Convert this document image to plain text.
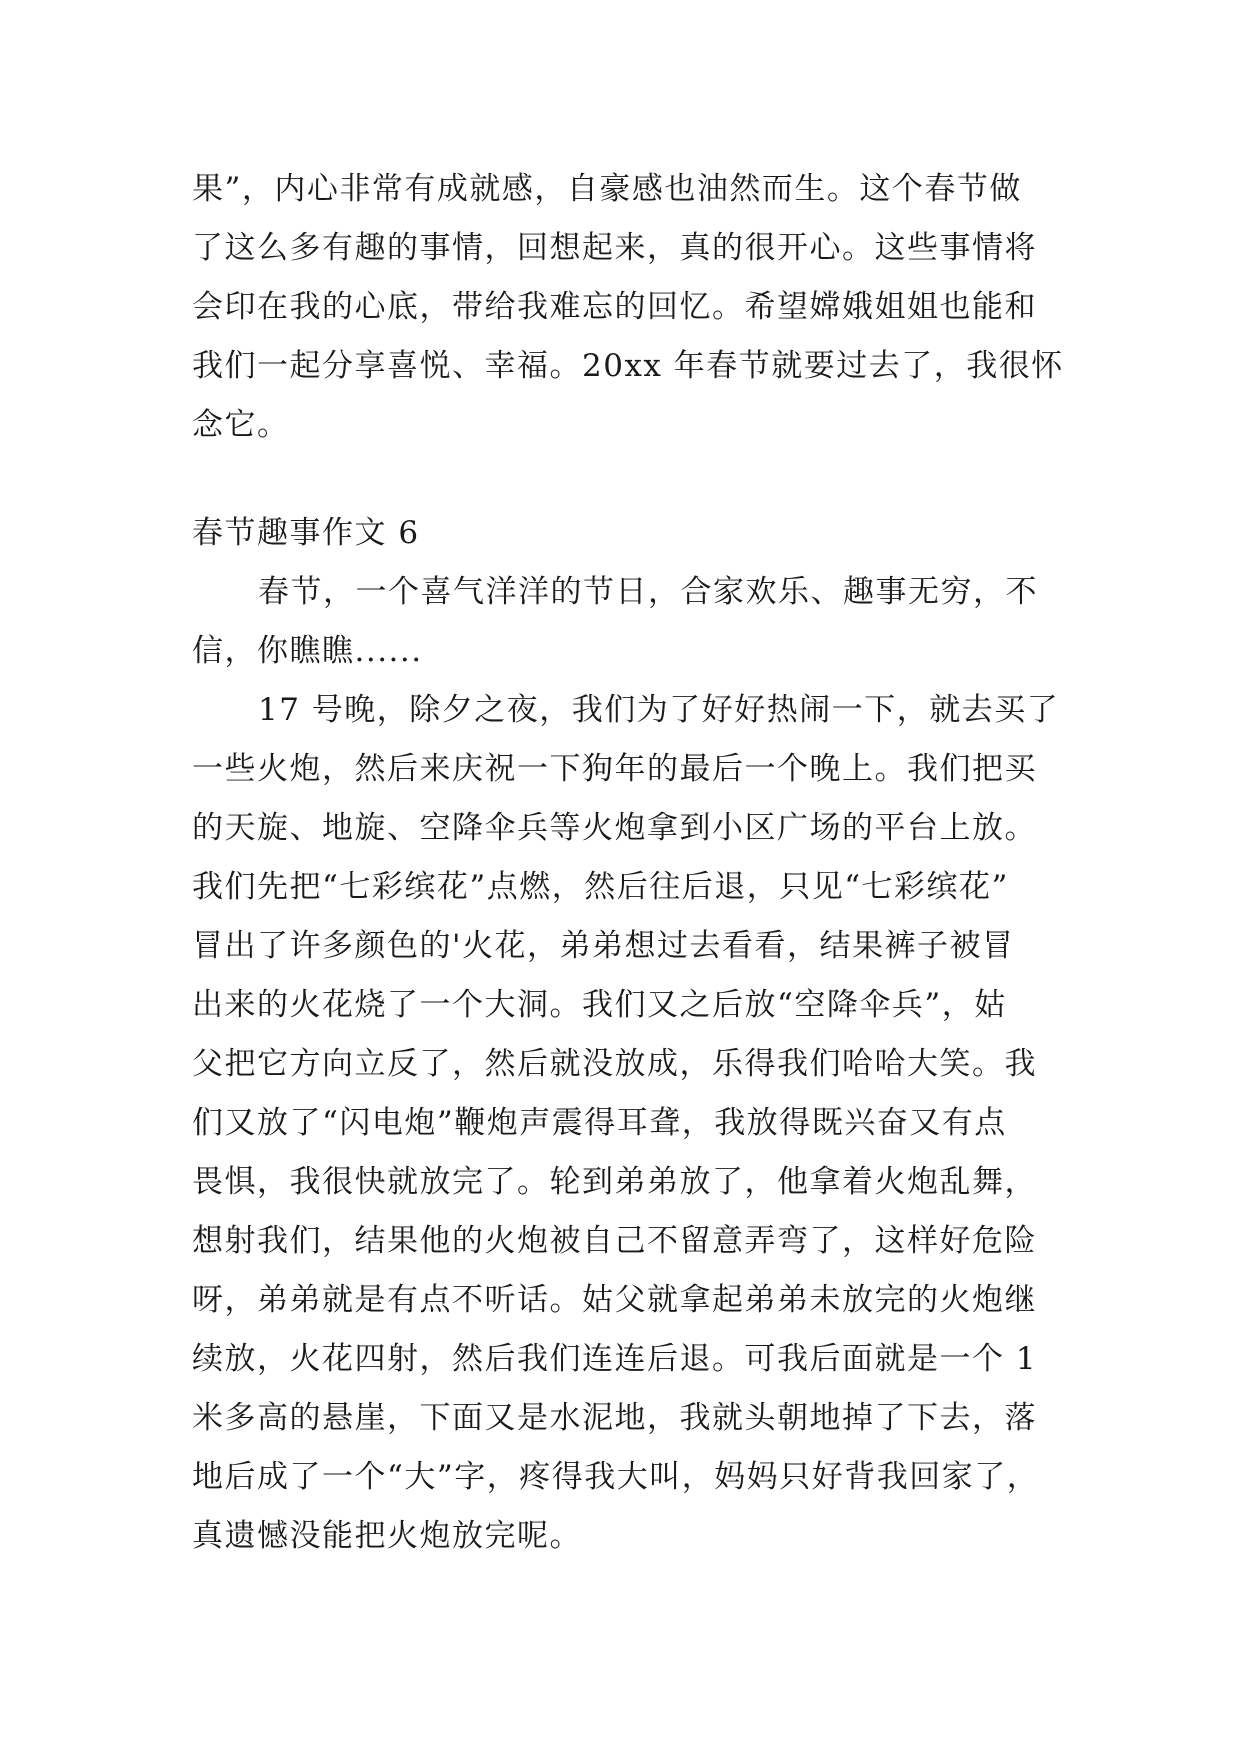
果”，内心非常有成就感，自豪感也油然而生。这个春节做
了这么多有趣的事情，回想起来，真的很开心。这些事情将
会印在我的心底，带给我难忘的回忆。希望嫦娥姐姐也能和
我们一起分享喜悦、幸福。20xx 年春节就要过去了，我很怀
念它。
春节趣事作文 6
春节，一个喜气洋洋的节日，合家欢乐、趣事无穷，不
信，你瞧瞧......
17 号晚，除夕之夜，我们为了好好热闹一下，就去买了
一些火炮，然后来庆祝一下狗年的最后一个晚上。我们把买
的天旋、地旋、空降伞兵等火炮拿到小区广场的平台上放。
我们先把“七彩缤花”点燃，然后往后退，只见“七彩缤花”
冒出了许多颜色的'火花，弟弟想过去看看，结果裤子被冒
出来的火花烧了一个大洞。我们又之后放“空降伞兵”，姑
父把它方向立反了，然后就没放成，乐得我们哈哈大笑。我
们又放了“闪电炮”鞭炮声震得耳聋，我放得既兴奋又有点
畏惧，我很快就放完了。轮到弟弟放了，他拿着火炮乱舞，
想射我们，结果他的火炮被自己不留意弄弯了，这样好危险
呀，弟弟就是有点不听话。姑父就拿起弟弟未放完的火炮继
续放，火花四射，然后我们连连后退。可我后面就是一个 1
米多高的悬崖，下面又是水泥地，我就头朝地掉了下去，落
地后成了一个“大”字，疼得我大叫，妈妈只好背我回家了，
真遗憾没能把火炮放完呢。
